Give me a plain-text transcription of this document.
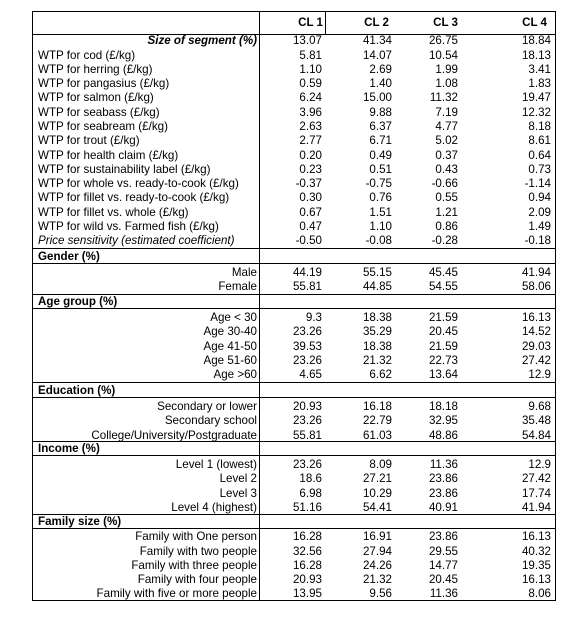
CL 1	CL 2	CL 3	CL 4
Size of segment (%)	13.07	41.34	26.75	18.84
WTP for cod (£/kg)	5.81	14.07	10.54	18.13
WTP for herring (£/kg)	1.10	2.69	1.99	3.41
WTP for pangasius (£/kg)	0.59	1.40	1.08	1.83
WTP for salmon (£/kg)	6.24	15.00	11.32	19.47
WTP for seabass (£/kg)	3.96	9.88	7.19	12.32
WTP for seabream (£/kg)	2.63	6.37	4.77	8.18
WTP for trout (£/kg)	2.77	6.71	5.02	8.61
WTP for health claim (£/kg)	0.20	0.49	0.37	0.64
WTP for sustainability label (£/kg)	0.23	0.51	0.43	0.73
WTP for whole vs. ready-to-cook (£/kg)	-0.37	-0.75	-0.66	-1.14
WTP for fillet vs. ready-to-cook (£/kg)	0.30	0.76	0.55	0.94
WTP for fillet vs. whole (£/kg)	0.67	1.51	1.21	2.09
WTP for wild vs. Farmed fish (£/kg)	0.47	1.10	0.86	1.49
Price sensitivity (estimated coefficient)	-0.50	-0.08	-0.28	-0.18
Gender (%)
Male	44.19	55.15	45.45	41.94
Female	55.81	44.85	54.55	58.06
Age group (%)
Age < 30	9.3	18.38	21.59	16.13
Age 30-40	23.26	35.29	20.45	14.52
Age 41-50	39.53	18.38	21.59	29.03
Age 51-60	23.26	21.32	22.73	27.42
Age >60	4.65	6.62	13.64	12.9
Education (%)
Secondary or lower	20.93	16.18	18.18	9.68
Secondary school	23.26	22.79	32.95	35.48
College/University/Postgraduate	55.81	61.03	48.86	54.84
Income (%)
Level 1 (lowest)	23.26	8.09	11.36	12.9
Level 2	18.6	27.21	23.86	27.42
Level 3	6.98	10.29	23.86	17.74
Level 4 (highest)	51.16	54.41	40.91	41.94
Family size (%)
Family with One person	16.28	16.91	23.86	16.13
Family with two people	32.56	27.94	29.55	40.32
Family with three people	16.28	24.26	14.77	19.35
Family with four people	20.93	21.32	20.45	16.13
Family with five or more people	13.95	9.56	11.36	8.06
